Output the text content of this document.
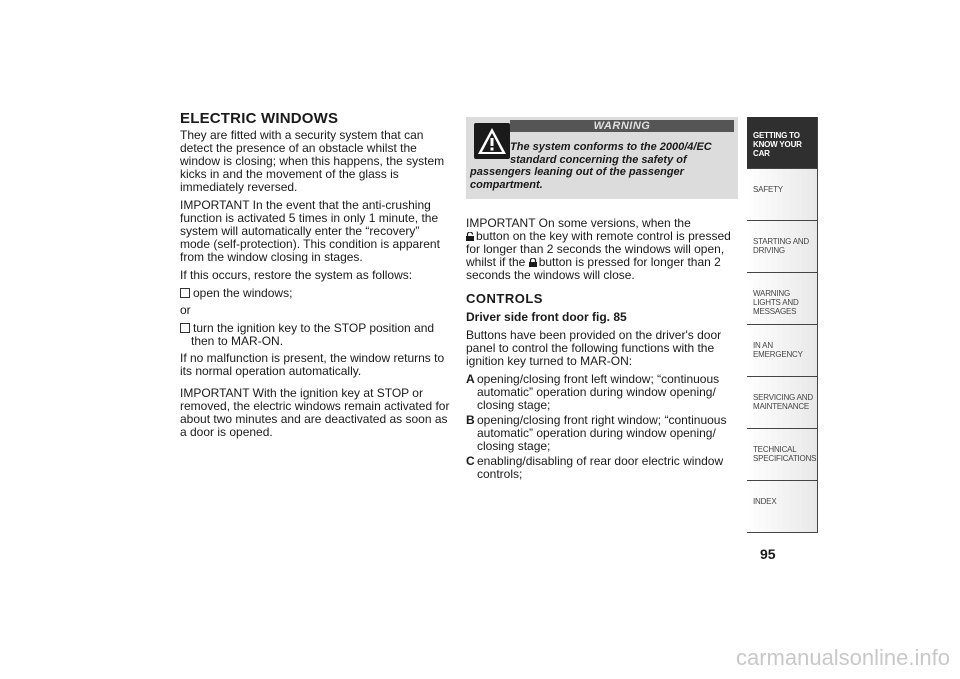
ELECTRIC WINDOWS

They are fitted with a security system that can detect the presence of an obstacle whilst the window is closing; when this happens, the system kicks in and the movement of the glass is immediately reversed.

IMPORTANT In the event that the anti-crushing function is activated 5 times in only 1 minute, the system will automatically enter the “recovery” mode (self-protection). This condition is apparent from the window closing in stages.

If this occurs, restore the system as follows:

open the windows;

or

turn the ignition key to the STOP position and then to MAR-ON.

If no malfunction is present, the window returns to its normal operation automatically.

IMPORTANT With the ignition key at STOP or removed, the electric windows remain activated for about two minutes and are deactivated as soon as a door is opened.

WARNING
The system conforms to the 2000/4/EC standard concerning the safety of
passengers leaning out of the passenger compartment.

IMPORTANT On some versions, when the
button on the key with remote control is pressed for longer than 2 seconds the windows will open, whilst if the button is pressed for longer than 2 seconds the windows will close.

CONTROLS
Driver side front door fig. 85

Buttons have been provided on the driver's door panel to control the following functions with the ignition key turned to MAR-ON:

A opening/closing front left window; “continuous automatic” operation during window opening/ closing stage;
B opening/closing front right window; “continuous automatic” operation during window opening/ closing stage;
C enabling/disabling of rear door electric window controls;
GETTING TO KNOW YOUR CAR
SAFETY
STARTING AND DRIVING
WARNING LIGHTS AND MESSAGES
IN AN EMERGENCY
SERVICING AND MAINTENANCE
TECHNICAL SPECIFICATIONS
INDEX
95
carmanualsonline.info
